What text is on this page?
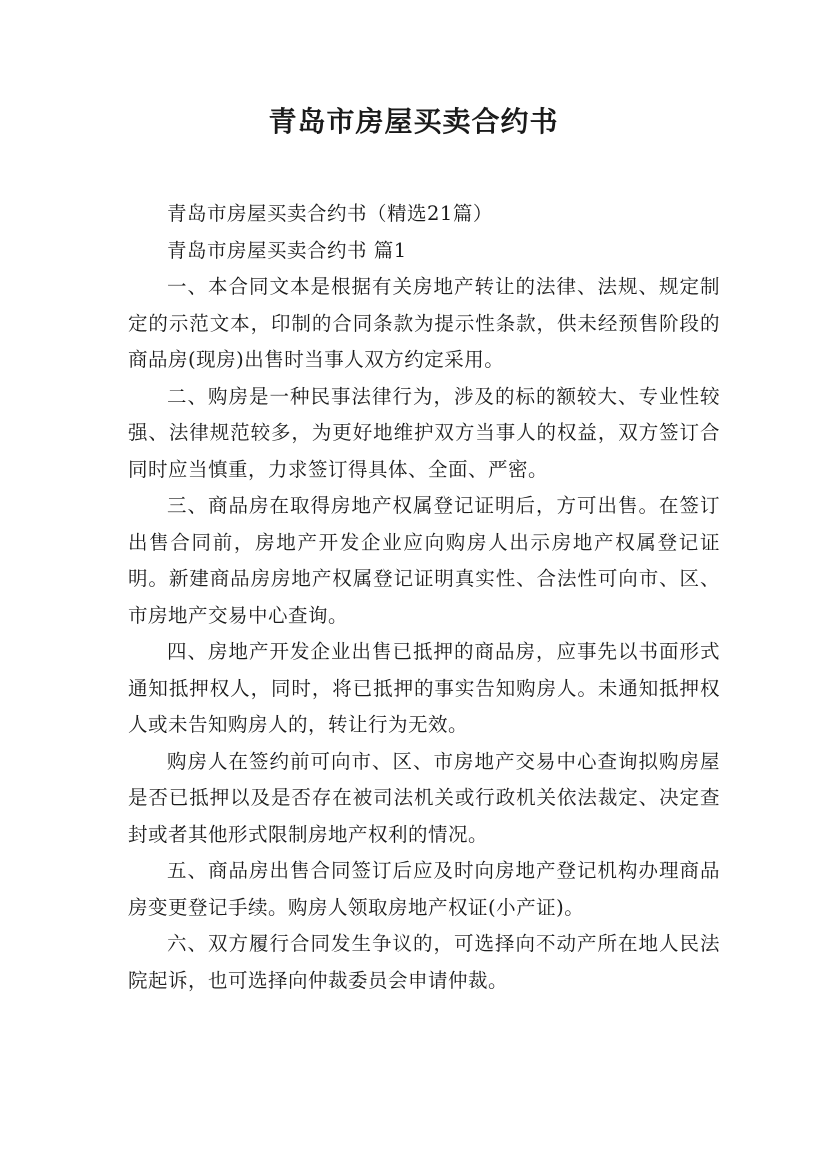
青岛市房屋买卖合约书

青岛市房屋买卖合约书（精选21篇）

青岛市房屋买卖合约书 篇1

一、本合同文本是根据有关房地产转让的法律、法规、规定制定的示范文本，印制的合同条款为提示性条款，供未经预售阶段的商品房(现房)出售时当事人双方约定采用。

二、购房是一种民事法律行为，涉及的标的额较大、专业性较强、法律规范较多，为更好地维护双方当事人的权益，双方签订合同时应当慎重，力求签订得具体、全面、严密。

三、商品房在取得房地产权属登记证明后，方可出售。在签订出售合同前，房地产开发企业应向购房人出示房地产权属登记证明。新建商品房房地产权属登记证明真实性、合法性可向市、区、市房地产交易中心查询。

四、房地产开发企业出售已抵押的商品房，应事先以书面形式通知抵押权人，同时，将已抵押的事实告知购房人。未通知抵押权人或未告知购房人的，转让行为无效。

购房人在签约前可向市、区、市房地产交易中心查询拟购房屋是否已抵押以及是否存在被司法机关或行政机关依法裁定、决定查封或者其他形式限制房地产权利的情况。

五、商品房出售合同签订后应及时向房地产登记机构办理商品房变更登记手续。购房人领取房地产权证(小产证)。

六、双方履行合同发生争议的，可选择向不动产所在地人民法院起诉，也可选择向仲裁委员会申请仲裁。
